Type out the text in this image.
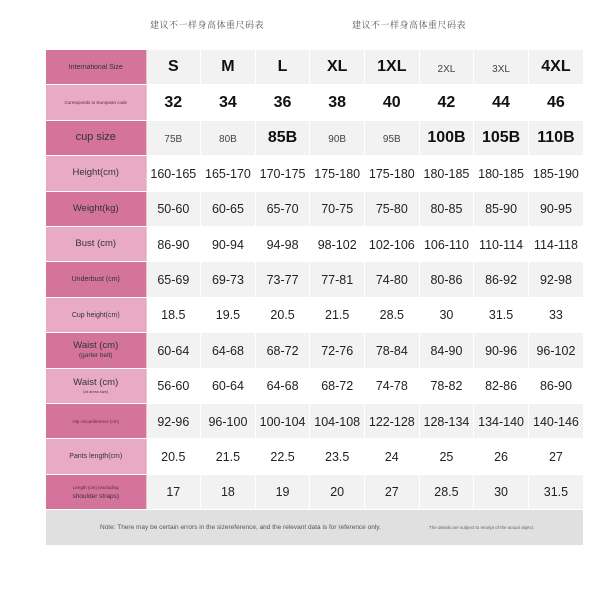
建议不一样身高体重尺码表	建议不一样身高体重尺码表
International Size	S	M	L	XL	1XL	2XL	3XL	4XL
Corresponds to European code	32	34	36	38	40	42	44	46
cup size	75B	80B	85B	90B	95B	100B	105B	110B
Height(cm)	160-165	165-170	170-175	175-180	175-180	180-185	180-185	185-190
Weight(kg)	50-60	60-65	65-70	70-75	75-80	80-85	85-90	90-95
Bust (cm)	86-90	90-94	94-98	98-102	102-106	106-110	110-114	114-118
Underbust (cm)	65-69	69-73	73-77	77-81	74-80	80-86	86-92	92-98
Cup height(cm)	18.5	19.5	20.5	21.5	28.5	30	31.5	33
Waist (cm)
(garter belt)	60-64	64-68	68-72	72-76	78-84	84-90	90-96	96-102
Waist (cm)
(at dress size)	56-60	60-64	64-68	68-72	74-78	78-82	82-86	86-90
Hip circumference (cm)	92-96	96-100	100-104	104-108	122-128	128-134	134-140	140-146
Pants length(cm)	20.5	21.5	22.5	23.5	24	25	26	27
Length (cm) (excluding
shoulder straps)	17	18	19	20	27	28.5	30	31.5
Note: There may be certain errors in the sizereference, and the relevant data is for reference only.	The details are subject to receipt of the actual object.
